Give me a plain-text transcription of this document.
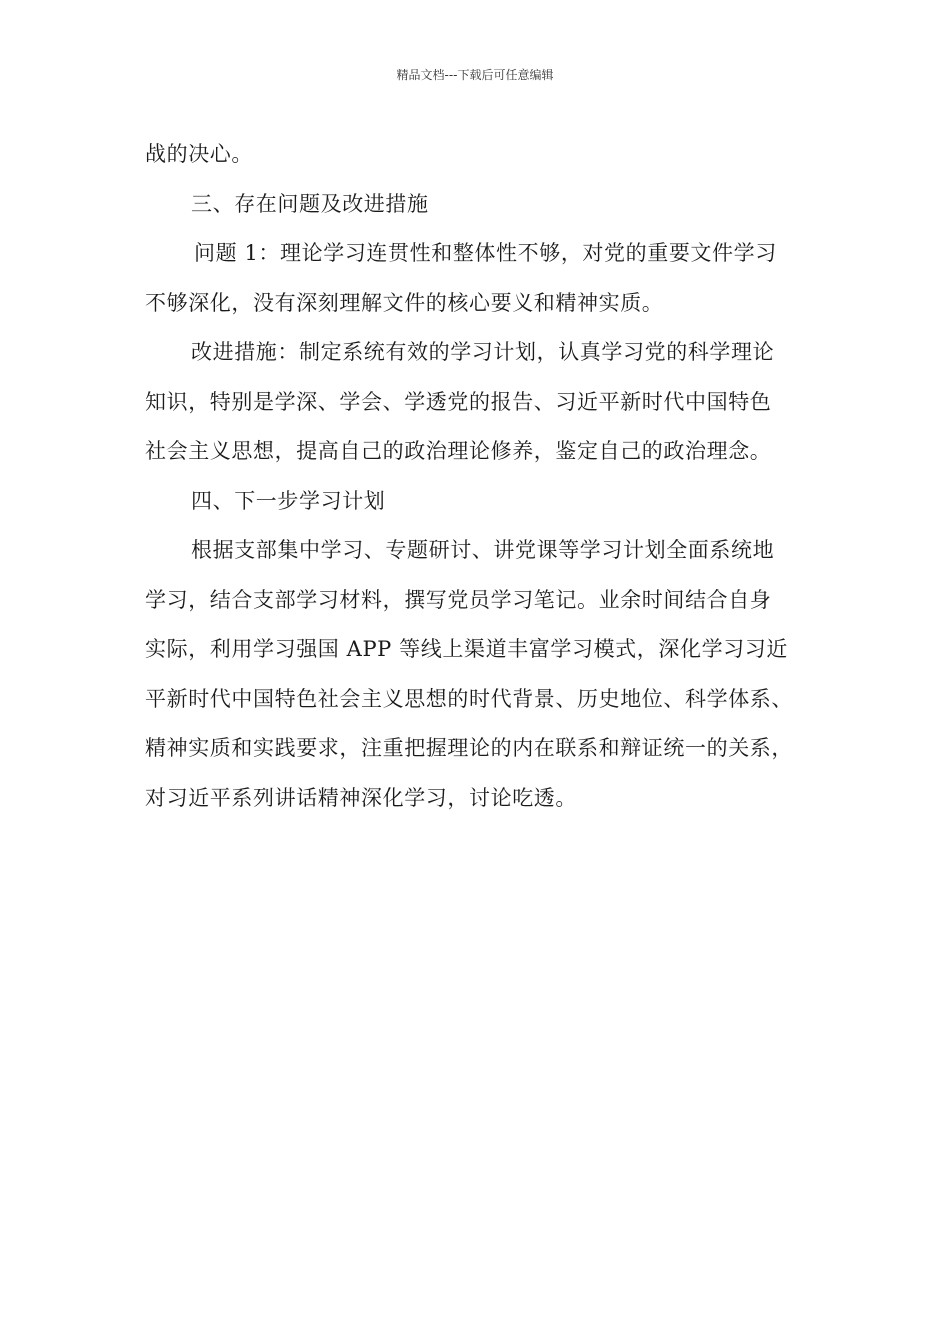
精品文档---下载后可任意编辑
战的决心。
三、存在问题及改进措施
问题 1：理论学习连贯性和整体性不够，对党的重要文件学习
不够深化，没有深刻理解文件的核心要义和精神实质。
改进措施：制定系统有效的学习计划，认真学习党的科学理论
知识，特别是学深、学会、学透党的报告、习近平新时代中国特色
社会主义思想，提高自己的政治理论修养，鉴定自己的政治理念。
四、下一步学习计划
根据支部集中学习、专题研讨、讲党课等学习计划全面系统地
学习，结合支部学习材料，撰写党员学习笔记。业余时间结合自身
实际，利用学习强国 APP 等线上渠道丰富学习模式，深化学习习近
平新时代中国特色社会主义思想的时代背景、历史地位、科学体系、
精神实质和实践要求，注重把握理论的内在联系和辩证统一的关系，
对习近平系列讲话精神深化学习，讨论吃透。
